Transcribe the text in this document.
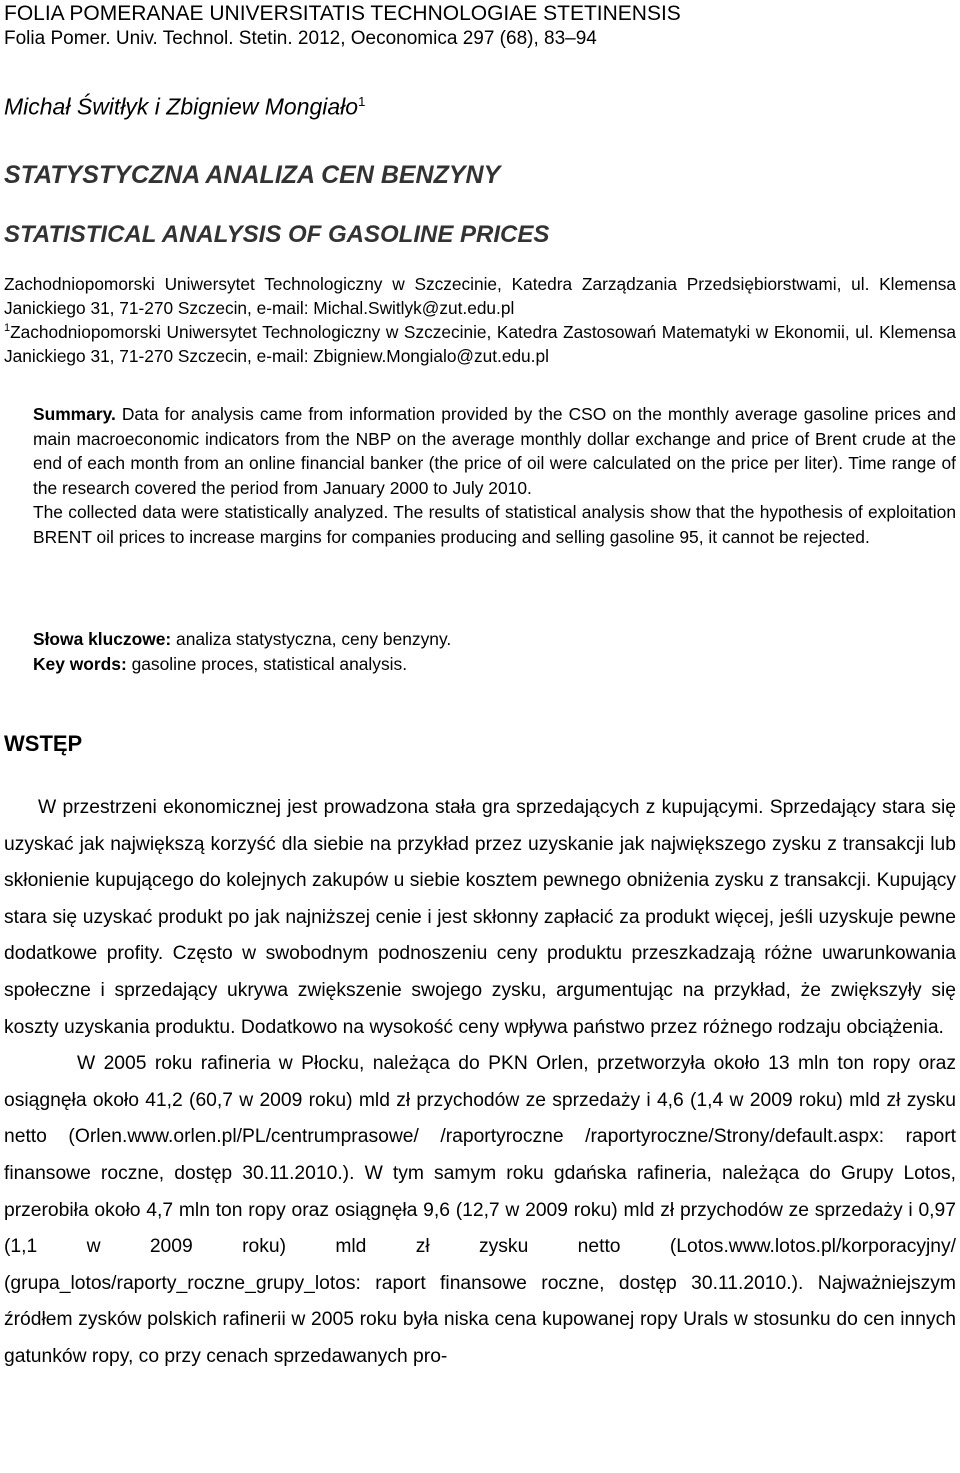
FOLIA POMERANAE UNIVERSITATIS TECHNOLOGIAE STETINENSIS
Folia Pomer. Univ. Technol. Stetin. 2012, Oeconomica 297 (68), 83–94
Michał Świtłyk i Zbigniew Mongiało$^1$
STATYSTYCZNA ANALIZA CEN BENZYNY
STATISTICAL ANALYSIS OF GASOLINE PRICES

Zachodniopomorski Uniwersytet Technologiczny w Szczecinie, Katedra Zarządzania Przedsiębiorstwami, ul. Klemensa Janickiego 31, 71-270 Szczecin, e-mail: Michal.Switlyk@zut.edu.pl

$^1$Zachodniopomorski Uniwersytet Technologiczny w Szczecinie, Katedra Zastosowań Matematyki w Ekonomii, ul. Klemensa Janickiego 31, 71-270 Szczecin, e-mail: Zbigniew.Mongialo@zut.edu.pl

Summary. Data for analysis came from information provided by the CSO on the monthly average gasoline prices and main macroeconomic indicators from the NBP on the average monthly dollar exchange and price of Brent crude at the end of each month from an online financial banker (the price of oil were calculated on the price per liter). Time range of the research covered the period from January 2000 to July 2010.

The collected data were statistically analyzed. The results of statistical analysis show that the hypothesis of exploitation BRENT oil prices to increase margins for companies producing and selling gasoline 95, it cannot be rejected.

Słowa kluczowe: analiza statystyczna, ceny benzyny.

Key words: gasoline proces, statistical analysis.

WSTĘP

W przestrzeni ekonomicznej jest prowadzona stała gra sprzedających z kupującymi. Sprzedający stara się uzyskać jak największą korzyść dla siebie na przykład przez uzyskanie jak największego zysku z transakcji lub skłonienie kupującego do kolejnych zakupów u siebie kosztem pewnego obniżenia zysku z transakcji. Kupujący stara się uzyskać produkt po jak najniższej cenie i jest skłonny zapłacić za produkt więcej, jeśli uzyskuje pewne dodatkowe profity. Często w swobodnym podnoszeniu ceny produktu przeszkadzają różne uwarunkowania społeczne i sprzedający ukrywa zwiększenie swojego zysku, argumentując na przykład, że zwiększyły się koszty uzyskania produktu. Dodatkowo na wysokość ceny wpływa państwo przez różnego rodzaju obciążenia.

W 2005 roku rafineria w Płocku, należąca do PKN Orlen, przetworzyła około 13 mln ton ropy oraz osiągnęła około 41,2 (60,7 w 2009 roku) mld zł przychodów ze sprzedaży i 4,6 (1,4 w 2009 roku) mld zł zysku netto (Orlen.www.orlen.pl/PL/centrumprasowe/ /raportyroczne /raportyroczne/Strony/default.aspx: raport finansowe roczne, dostęp 30.11.2010.). W tym samym roku gdańska rafineria, należąca do Grupy Lotos, przerobiła około 4,7 mln ton ropy oraz osiągnęła 9,6 (12,7 w 2009 roku) mld zł przychodów ze sprzedaży i 0,97 (1,1 w 2009 roku) mld zł zysku netto (Lotos.www.lotos.pl/korporacyjny/ (grupa_lotos/raporty_roczne_grupy_lotos: raport finansowe roczne, dostęp 30.11.2010.). Najważniejszym źródłem zysków polskich rafinerii w 2005 roku była niska cena kupowanej ropy Urals w stosunku do cen innych gatunków ropy, co przy cenach sprzedawanych pro-
